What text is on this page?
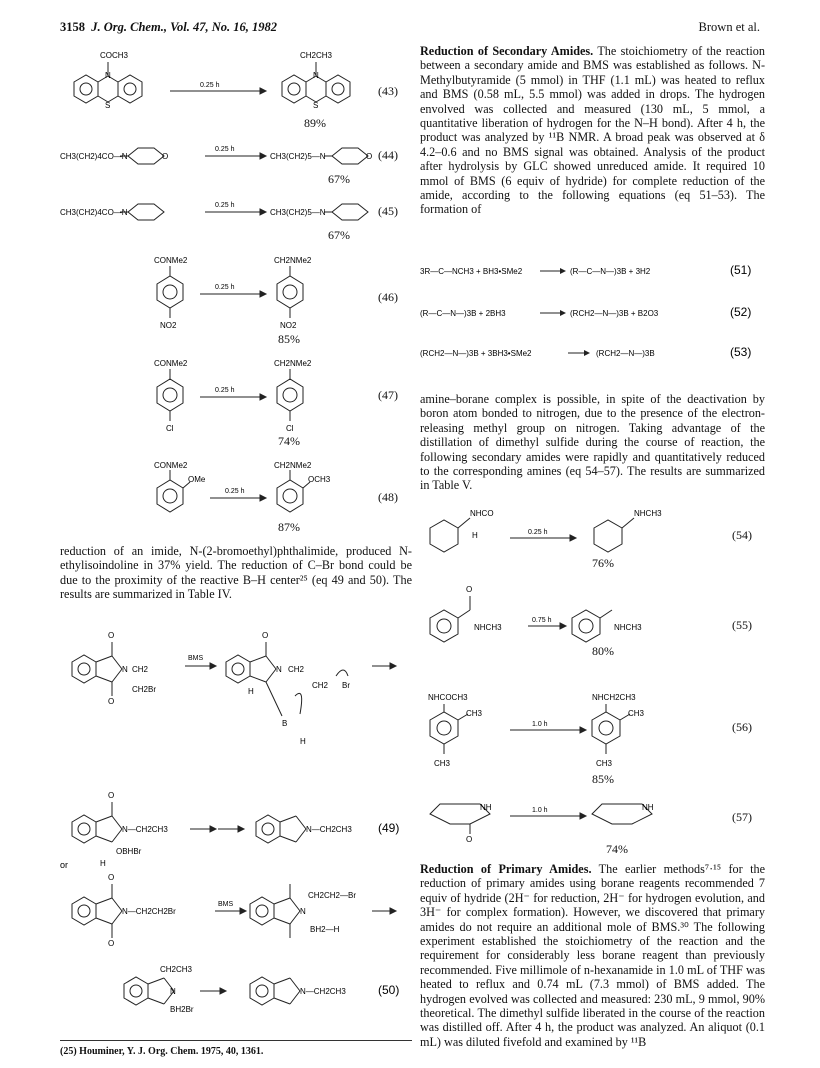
3158 J. Org. Chem., Vol. 47, No. 16, 1982	Brown et al.
COCH3
N
S
0.25 h
CH2CH3
N
S
CH3(CH2)4CO—N	O
0.25 h
CH3(CH2)5—N	O
CH3(CH2)4CO—N
0.25 h
CH3(CH2)5—N
CONMe2
NO2
0.25 h
CH2NMe2
NO2
CONMe2
Cl
0.25 h
CH2NMe2
Cl
CONMe2
OMe
0.25 h
CH2NMe2
OCH3
(43)
89%
(44)
67%
(45)
67%
(46)
85%
(47)
74%
(48)
87%

reduction of an imide, N-(2-bromoethyl)phthalimide, produced N-ethylisoindoline in 37% yield. The reduction of C–Br bond could be due to the proximity of the reactive B–H center²⁵ (eq 49 and 50). The results are summarized in Table IV.

O
O
N CH2
CH2Br
BMS
O
N CH2
CH2 Br
H
B
H
O
N—CH2CH3
OBHBr
H
N—CH2CH3 (49)
or
O
O
N—CH2CH2Br
BMS
N
CH2CH2—Br
BH2—H
CH2CH3
N
BH2Br
N—CH2CH3	(50)
(25) Houminer, Y. J. Org. Chem. 1975, 40, 1361.

Reduction of Secondary Amides. The stoichiometry of the reaction between a secondary amide and BMS was established as follows. N-Methylbutyramide (5 mmol) in THF (1.1 mL) was heated to reflux and BMS (0.58 mL, 5.5 mmol) was added in drops. The hydrogen envolved was collected and measured (130 mL, 5 mmol, a quantitative liberation of hydrogen for the N–H bond). After 4 h, the product was analyzed by ¹¹B NMR. A broad peak was observed at δ 4.2–0.6 and no BMS signal was obtained. Analysis of the product after hydrolysis by GLC showed unreduced amide. It required 10 mmol of BMS (6 equiv of hydride) for complete reduction of the amide, according to the following equations (eq 51–53). The formation of

3R—C—NCH3 + BH3•SMe2	(R—C—N—)3B + 3H2	(51)
(R—C—N—)3B + 2BH3	(RCH2—N—)3B + B2O3	(52)
(RCH2—N—)3B + 3BH3•SMe2	(RCH2—N—)3B	(53)

amine–borane complex is possible, in spite of the deactivation by boron atom bonded to nitrogen, due to the presence of the electron-releasing methyl group on nitrogen. Taking advantage of the distillation of dimethyl sulfide during the course of reaction, the following secondary amides were rapidly and quantitatively reduced to the corresponding amines (eq 54–57). The results are summarized in Table V.

NHCO
H	0.25 h
NHCH3
O
NHCH3
0.75 h
NHCH3
NHCOCH3
CH3
CH3
1.0 h
NHCH2CH3
CH3
CH3
(54)
76%
(55)
80%
(56)
85%
NH
O
1.0 h	NH
(57)
74%

Reduction of Primary Amides. The earlier methods⁷·¹⁵ for the reduction of primary amides using borane reagents recommended 7 equiv of hydride (2H⁻ for reduction, 2H⁻ for hydrogen evolution, and 3H⁻ for complex formation). However, we discovered that primary amides do not require an additional mole of BMS.³⁰ The following experiment established the stoichiometry of the reaction and the requirement for considerably less borane reagent than previously recommended. Five millimole of n-hexanamide in 1.0 mL of THF was heated to reflux and 0.74 mL (7.3 mmol) of BMS added. The hydrogen evolved was collected and measured: 230 mL, 9 mmol, 90% theoretical. The dimethyl sulfide liberated in the course of the reaction was distilled off. After 4 h, the product was analyzed. An aliquot (0.1 mL) was diluted fivefold and examined by ¹¹B
